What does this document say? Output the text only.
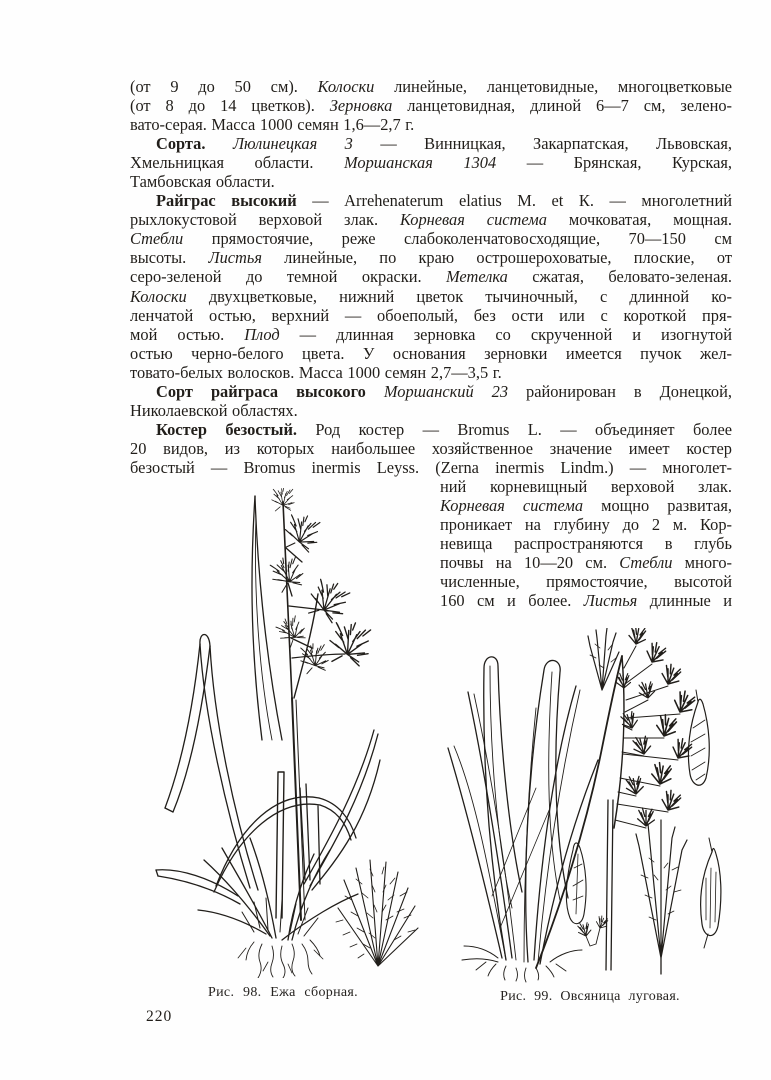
(от 9 до 50 см). Колоски линейные, ланцетовидные, многоцветковые
(от 8 до 14 цветков). Зерновка ланцетовидная, длиной 6—7 см, зелено-
вато-серая. Масса 1000 семян 1,6—2,7 г.
Сорта. Люлинецкая 3 — Винницкая, Закарпатская, Львовская,
Хмельницкая области. Моршанская 1304 — Брянская, Курская,
Тамбовская области.
Райграс высокий — Arrehenaterum elatius М. et К. — многолетний
рыхлокустовой верховой злак. Корневая система мочковатая, мощная.
Стебли прямостоячие, реже слабоколенчатовосходящие, 70—150 см
высоты. Листья линейные, по краю острошероховатые, плоские, от
серо-зеленой до темной окраски. Метелка сжатая, беловато-зеленая.
Колоски двухцветковые, нижний цветок тычиночный, с длинной ко-
ленчатой остью, верхний — обоеполый, без ости или с короткой пря-
мой остью. Плод — длинная зерновка со скрученной и изогнутой
остью черно-белого цвета. У основания зерновки имеется пучок жел-
товато-белых волосков. Масса 1000 семян 2,7—3,5 г.
Сорт райграса высокого Моршанский 23 районирован в Донецкой,
Николаевской областях.
Костер безостый. Род костер — Bromus L. — объединяет более
20 видов, из которых наибольшее хозяйственное значение имеет костер
безостый — Bromus inermis Leyss. (Zerna inermis Lindm.) — многолет-
ний корневищный верховой злак.
Корневая система мощно развитая,
проникает на глубину до 2 м. Кор-
невища распространяются в глубь
почвы на 10—20 см. Стебли много-
численные, прямостоячие, высотой
160 см и более. Листья длинные и
Рис. 98. Ежа сборная.	Рис. 99. Овсяница луговая.
220
